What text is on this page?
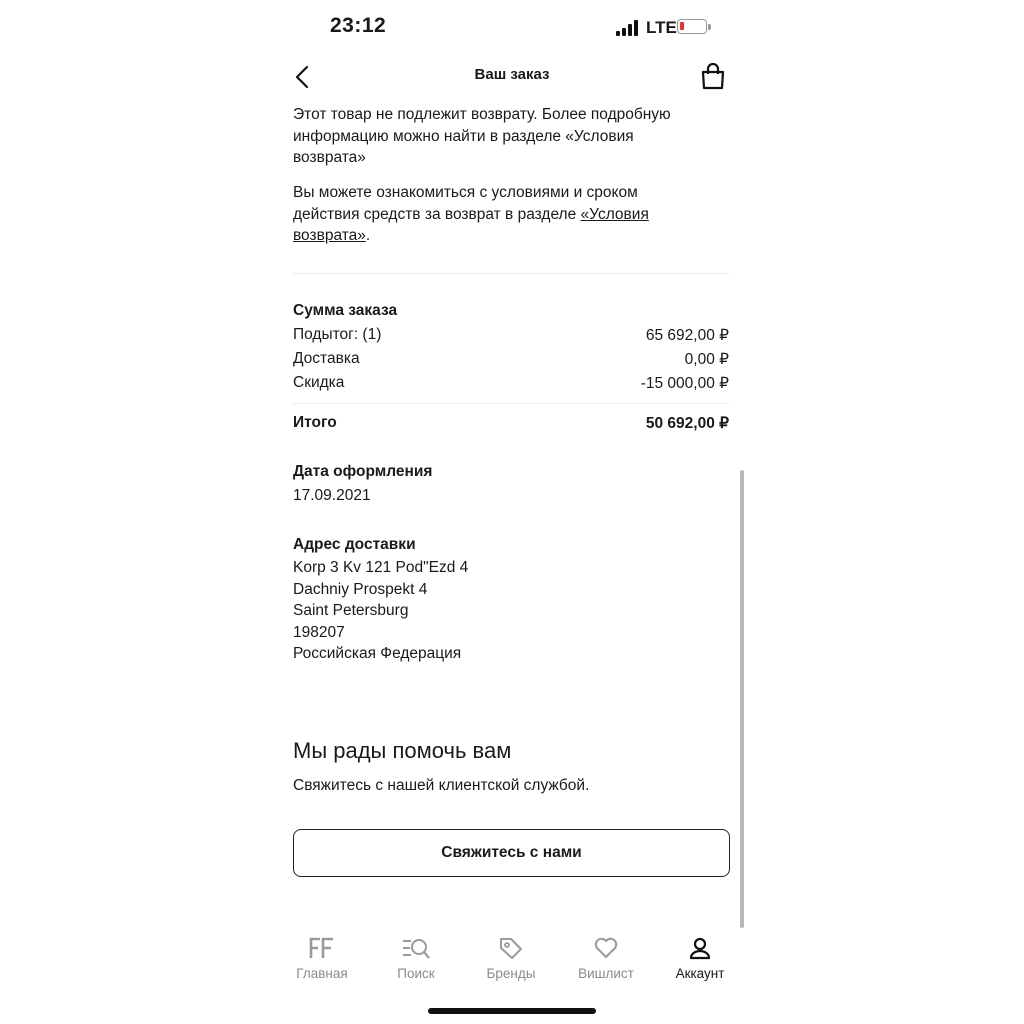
23:12	LTE
Ваш заказ
Этот товар не подлежит возврату. Более подробную
информацию можно найти в разделе «Условия
возврата»
Вы можете ознакомиться с условиями и сроком
действия средств за возврат в разделе «Условия
возврата».
Сумма заказа
Подытог: (1)	65 692,00 ₽
Доставка	0,00 ₽
Скидка	-15 000,00 ₽
Итого	50 692,00 ₽
Дата оформления
17.09.2021
Адрес доставки
Korp 3 Kv 121 Pod"Ezd 4
Dachniy Prospekt 4
Saint Petersburg
198207
Российская Федерация
Мы рады помочь вам
Свяжитесь с нашей клиентской службой.
Свяжитесь с нами
Главная	Поиск	Бренды	Вишлист	Аккаунт
